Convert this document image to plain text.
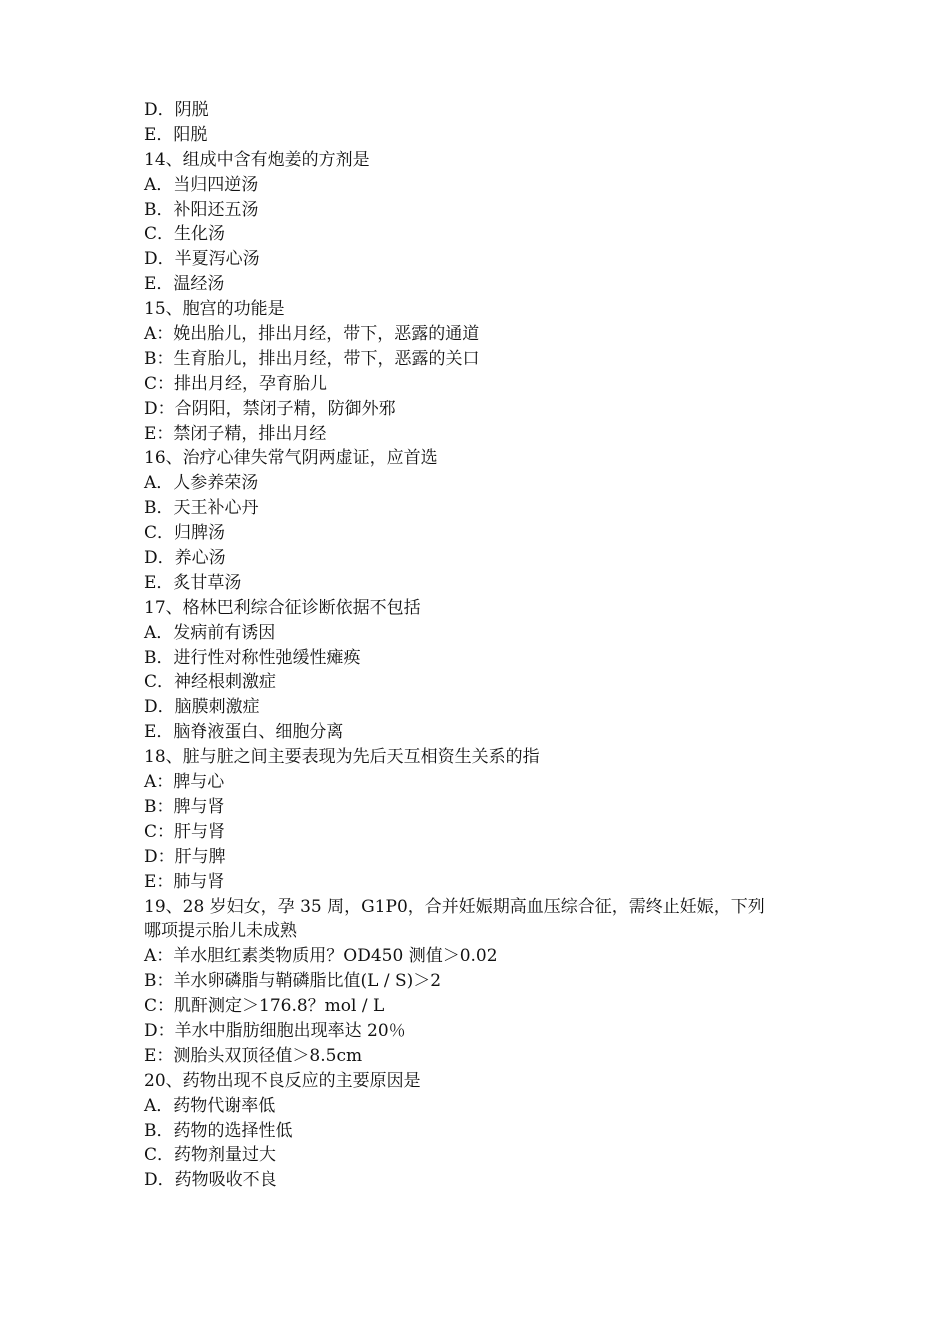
D．阴脱
E．阳脱
14、组成中含有炮姜的方剂是
A．当归四逆汤
B．补阳还五汤
C．生化汤
D．半夏泻心汤
E．温经汤
15、胞宫的功能是
A：娩出胎儿，排出月经，带下，恶露的通道
B：生育胎儿，排出月经，带下，恶露的关口
C：排出月经，孕育胎儿
D：合阴阳，禁闭子精，防御外邪
E：禁闭子精，排出月经
16、治疗心律失常气阴两虚证，应首选
A．人参养荣汤
B．天王补心丹
C．归脾汤
D．养心汤
E．炙甘草汤
17、格林巴利综合征诊断依据不包括
A．发病前有诱因
B．进行性对称性弛缓性瘫痪
C．神经根刺激症
D．脑膜刺激症
E．脑脊液蛋白、细胞分离
18、脏与脏之间主要表现为先后天互相资生关系的指
A：脾与心
B：脾与肾
C：肝与肾
D：肝与脾
E：肺与肾
19、28 岁妇女，孕 35 周，G1P0，合并妊娠期高血压综合征，需终止妊娠，下列
哪项提示胎儿未成熟
A：羊水胆红素类物质用？OD450 测值＞0.02
B：羊水卵磷脂与鞘磷脂比值(L / S)＞2
C：肌酐测定＞176.8？mol / L
D：羊水中脂肪细胞出现率达 20％
E：测胎头双顶径值＞8.5cm
20、药物出现不良反应的主要原因是
A．药物代谢率低
B．药物的选择性低
C．药物剂量过大
D．药物吸收不良
